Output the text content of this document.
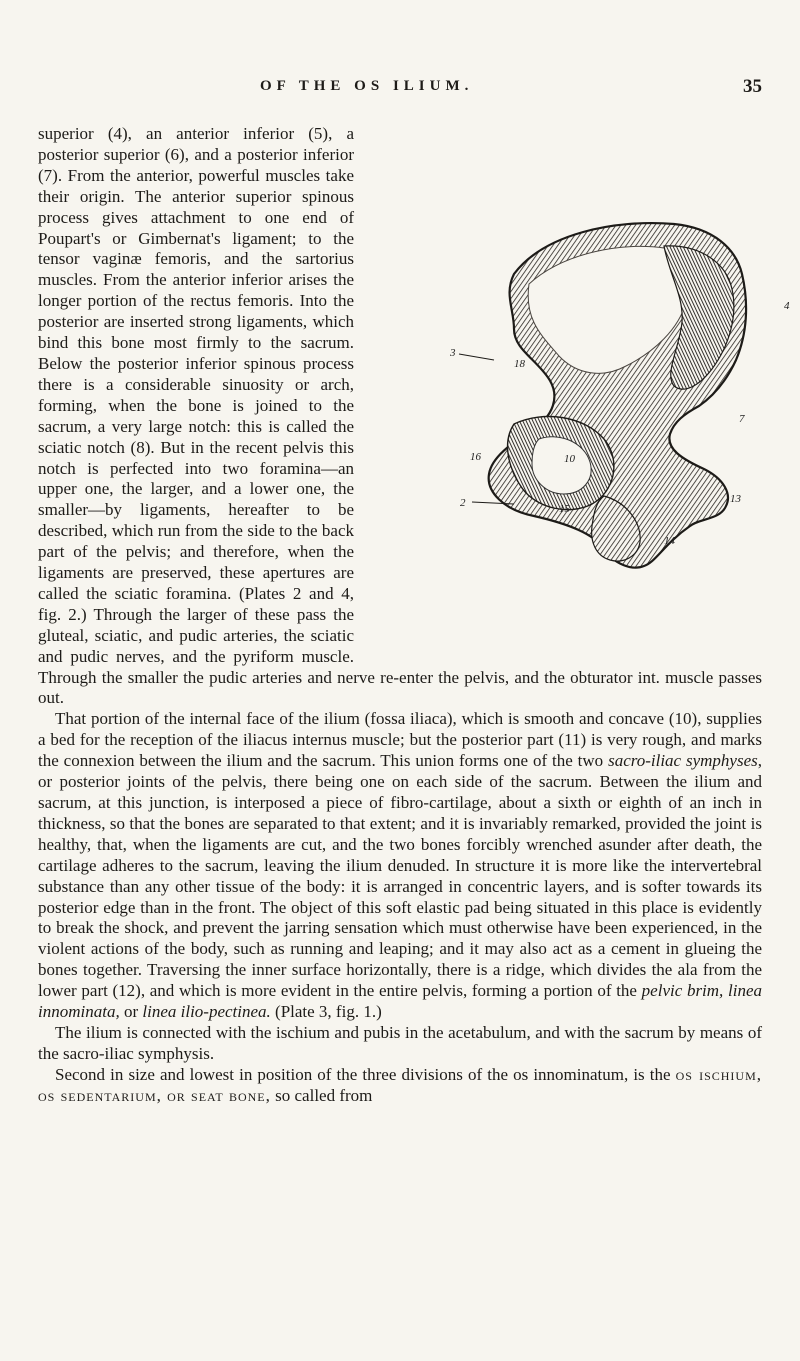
OF THE OS ILIUM.	35
18
10
16
15
13
14
7
4
3
2

superior (4), an anterior inferior (5), a posterior superior (6), and a posterior inferior (7). From the anterior, powerful muscles take their origin. The anterior superior spinous process gives attachment to one end of Poupart's or Gimbernat's ligament; to the tensor vaginæ femoris, and the sartorius muscles. From the anterior inferior arises the longer portion of the rectus femoris. Into the posterior are inserted strong ligaments, which bind this bone most firmly to the sacrum. Below the posterior inferior spinous process there is a considerable sinuosity or arch, forming, when the bone is joined to the sacrum, a very large notch: this is called the sciatic notch (8). But in the recent pelvis this notch is perfected into two foramina—an upper one, the larger, and a lower one, the smaller—by ligaments, hereafter to be described, which run from the side to the back part of the pelvis; and therefore, when the ligaments are preserved, these apertures are called the sciatic foramina. (Plates 2 and 4, fig. 2.) Through the larger of these pass the gluteal, sciatic, and pudic arteries, the sciatic and pudic nerves, and the pyriform muscle. Through the smaller the pudic arteries and nerve re-enter the pelvis, and the obturator int. muscle passes out.

That portion of the internal face of the ilium (fossa iliaca), which is smooth and concave (10), supplies a bed for the reception of the iliacus internus muscle; but the posterior part (11) is very rough, and marks the connexion between the ilium and the sacrum. This union forms one of the two sacro-iliac symphyses, or posterior joints of the pelvis, there being one on each side of the sacrum. Between the ilium and sacrum, at this junction, is interposed a piece of fibro-cartilage, about a sixth or eighth of an inch in thickness, so that the bones are separated to that extent; and it is invariably remarked, provided the joint is healthy, that, when the ligaments are cut, and the two bones forcibly wrenched asunder after death, the cartilage adheres to the sacrum, leaving the ilium denuded. In structure it is more like the intervertebral substance than any other tissue of the body: it is arranged in concentric layers, and is softer towards its posterior edge than in the front. The object of this soft elastic pad being situated in this place is evidently to break the shock, and prevent the jarring sensation which must otherwise have been experienced, in the violent actions of the body, such as running and leaping; and it may also act as a cement in glueing the bones together. Traversing the inner surface horizontally, there is a ridge, which divides the ala from the lower part (12), and which is more evident in the entire pelvis, forming a portion of the pelvic brim, linea innominata, or linea ilio-pectinea. (Plate 3, fig. 1.)

The ilium is connected with the ischium and pubis in the acetabulum, and with the sacrum by means of the sacro-iliac symphysis.

Second in size and lowest in position of the three divisions of the os innominatum, is the os ischium, os sedentarium, or seat bone, so called from
